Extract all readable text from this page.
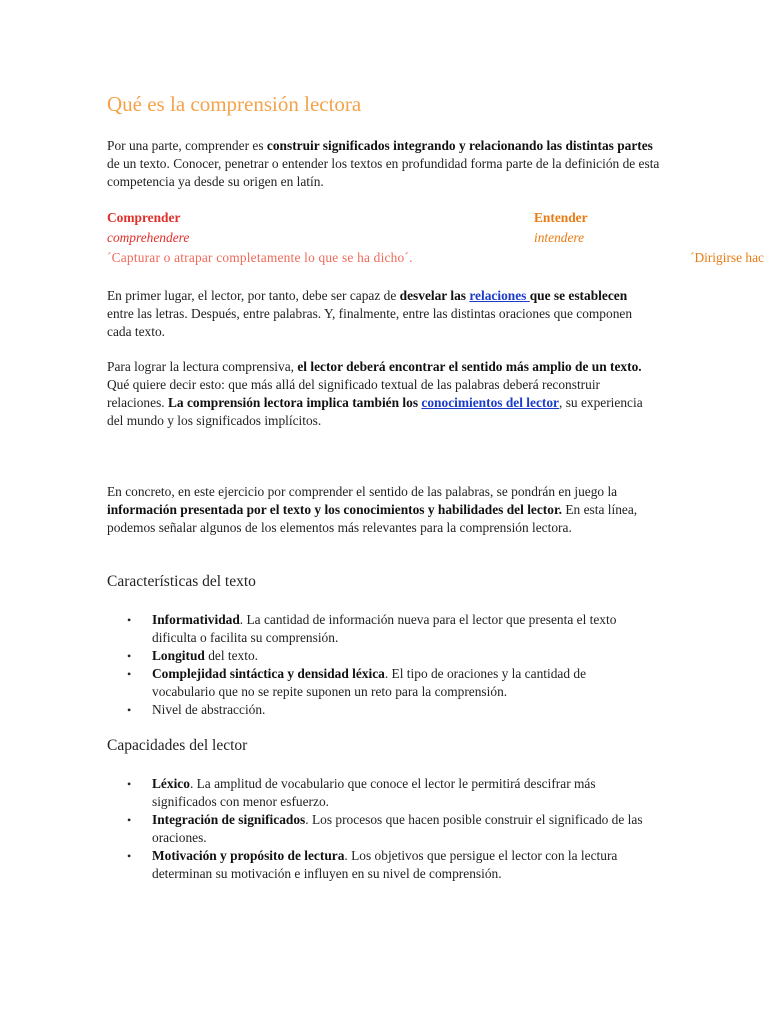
Qué es la comprensión lectora
Por una parte, comprender es construir significados integrando y relacionando las distintas partes de un texto. Conocer, penetrar o entender los textos en profundidad forma parte de la definición de esta competencia ya desde su origen en latín.
Comprender
comprehendere
´Capturar o atrapar completamente lo que se ha dicho´.
Entender
intendere
´Dirigirse hac
En primer lugar, el lector, por tanto, debe ser capaz de desvelar las relaciones que se establecen entre las letras. Después, entre palabras. Y, finalmente, entre las distintas oraciones que componen cada texto.
Para lograr la lectura comprensiva, el lector deberá encontrar el sentido más amplio de un texto. Qué quiere decir esto: que más allá del significado textual de las palabras deberá reconstruir relaciones. La comprensión lectora implica también los conocimientos del lector, su experiencia del mundo y los significados implícitos.
En concreto, en este ejercicio por comprender el sentido de las palabras, se pondrán en juego la información presentada por el texto y los conocimientos y habilidades del lector. En esta línea, podemos señalar algunos de los elementos más relevantes para la comprensión lectora.
Características del texto
• Informatividad. La cantidad de información nueva para el lector que presenta el texto dificulta o facilita su comprensión.
• Longitud del texto.
• Complejidad sintáctica y densidad léxica. El tipo de oraciones y la cantidad de vocabulario que no se repite suponen un reto para la comprensión.
• Nivel de abstracción.
Capacidades del lector
• Léxico. La amplitud de vocabulario que conoce el lector le permitirá descifrar más significados con menor esfuerzo.
• Integración de significados. Los procesos que hacen posible construir el significado de las oraciones.
• Motivación y propósito de lectura. Los objetivos que persigue el lector con la lectura determinan su motivación e influyen en su nivel de comprensión.
